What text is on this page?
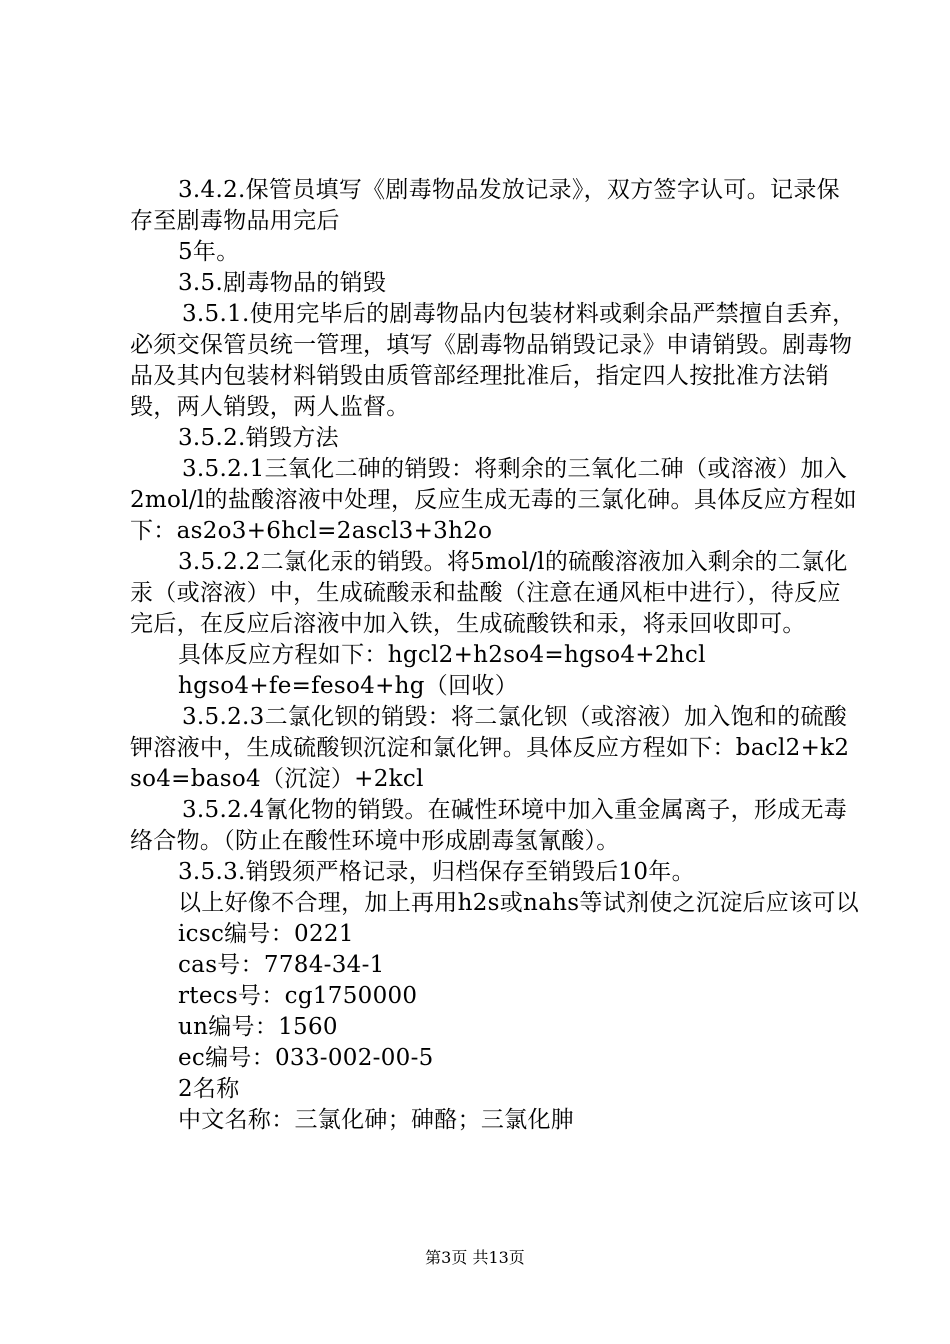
3.4.2.保管员填写《剧毒物品发放记录》，双方签字认可。记录保存至剧毒物品用完后

5年。

3.5.剧毒物品的销毁

3.5.1.使用完毕后的剧毒物品内包装材料或剩余品严禁擅自丢弃，必须交保管员统一管理，填写《剧毒物品销毁记录》申请销毁。剧毒物品及其内包装材料销毁由质管部经理批准后，指定四人按批准方法销毁，两人销毁，两人监督。

3.5.2.销毁方法

3.5.2.1三氧化二砷的销毁：将剩余的三氧化二砷（或溶液）加入2mol/l的盐酸溶液中处理，反应生成无毒的三氯化砷。具体反应方程如下：as2o3+6hcl=2ascl3+3h2o

3.5.2.2二氯化汞的销毁。将5mol/l的硫酸溶液加入剩余的二氯化汞（或溶液）中，生成硫酸汞和盐酸（注意在通风柜中进行），待反应完后，在反应后溶液中加入铁，生成硫酸铁和汞，将汞回收即可。

具体反应方程如下：hgcl2+h2so4=hgso4+2hcl

hgso4+fe=feso4+hg（回收）

3.5.2.3二氯化钡的销毁：将二氯化钡（或溶液）加入饱和的硫酸钾溶液中，生成硫酸钡沉淀和氯化钾。具体反应方程如下：bacl2+k2so4=baso4（沉淀）+2kcl

3.5.2.4氰化物的销毁。在碱性环境中加入重金属离子，形成无毒络合物。（防止在酸性环境中形成剧毒氢氰酸）。

3.5.3.销毁须严格记录，归档保存至销毁后10年。

以上好像不合理，加上再用h2s或nahs等试剂使之沉淀后应该可以

icsc编号：0221

cas号：7784-34-1

rtecs号：cg1750000

un编号：1560

ec编号：033-002-00-5

2名称

中文名称：三氯化砷；砷酪；三氯化胂

第3页 共13页
